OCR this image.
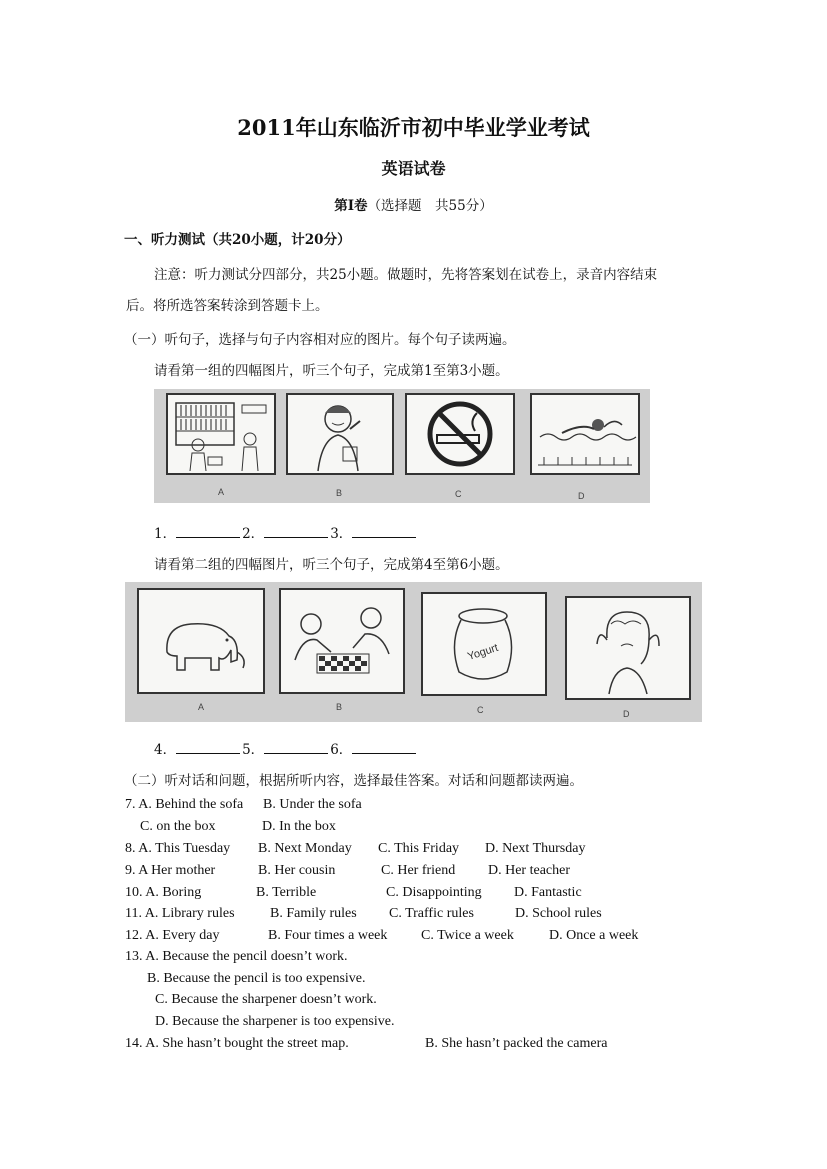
2011年山东临沂市初中毕业学业考试
英语试卷
第Ⅰ卷（选择题　共55分）
一、听力测试（共20小题，计20分）
注意：听力测试分四部分，共25小题。做题时，先将答案划在试卷上，录音内容结束
后。将所选答案转涂到答题卡上。
（一）听句子，选择与句子内容相对应的图片。每个句子读两遍。
请看第一组的四幅图片，听三个句子，完成第1至第3小题。
A	B	C	D
1．	2．	3．
请看第二组的四幅图片，听三个句子，完成第4至第6小题。
Yogurt
A	B	C	D
4．	5．	6．
（二）听对话和问题，根据所听内容，选择最佳答案。对话和问题都读两遍。
7. A. Behind the sofa B. Under the sofa
C. on the box	D. In the box
8. A. This Tuesday B. Next Monday C. This Friday D. Next Thursday
9. A Her mother	B. Her cousin	C. Her friend D. Her teacher
10. A. Boring	B. Terrible	C. Disappointing D. Fantastic
11. A. Library rules	B. Family rules C. Traffic rules	D. School rules
12. A. Every day	B. Four times a week C. Twice a week	D. Once a week
13. A. Because the pencil doesn’t work.
B. Because the pencil is too expensive.
C. Because the sharpener doesn’t work.
D. Because the sharpener is too expensive.
14. A. She hasn’t bought the street map.	B. She hasn’t packed the camera
